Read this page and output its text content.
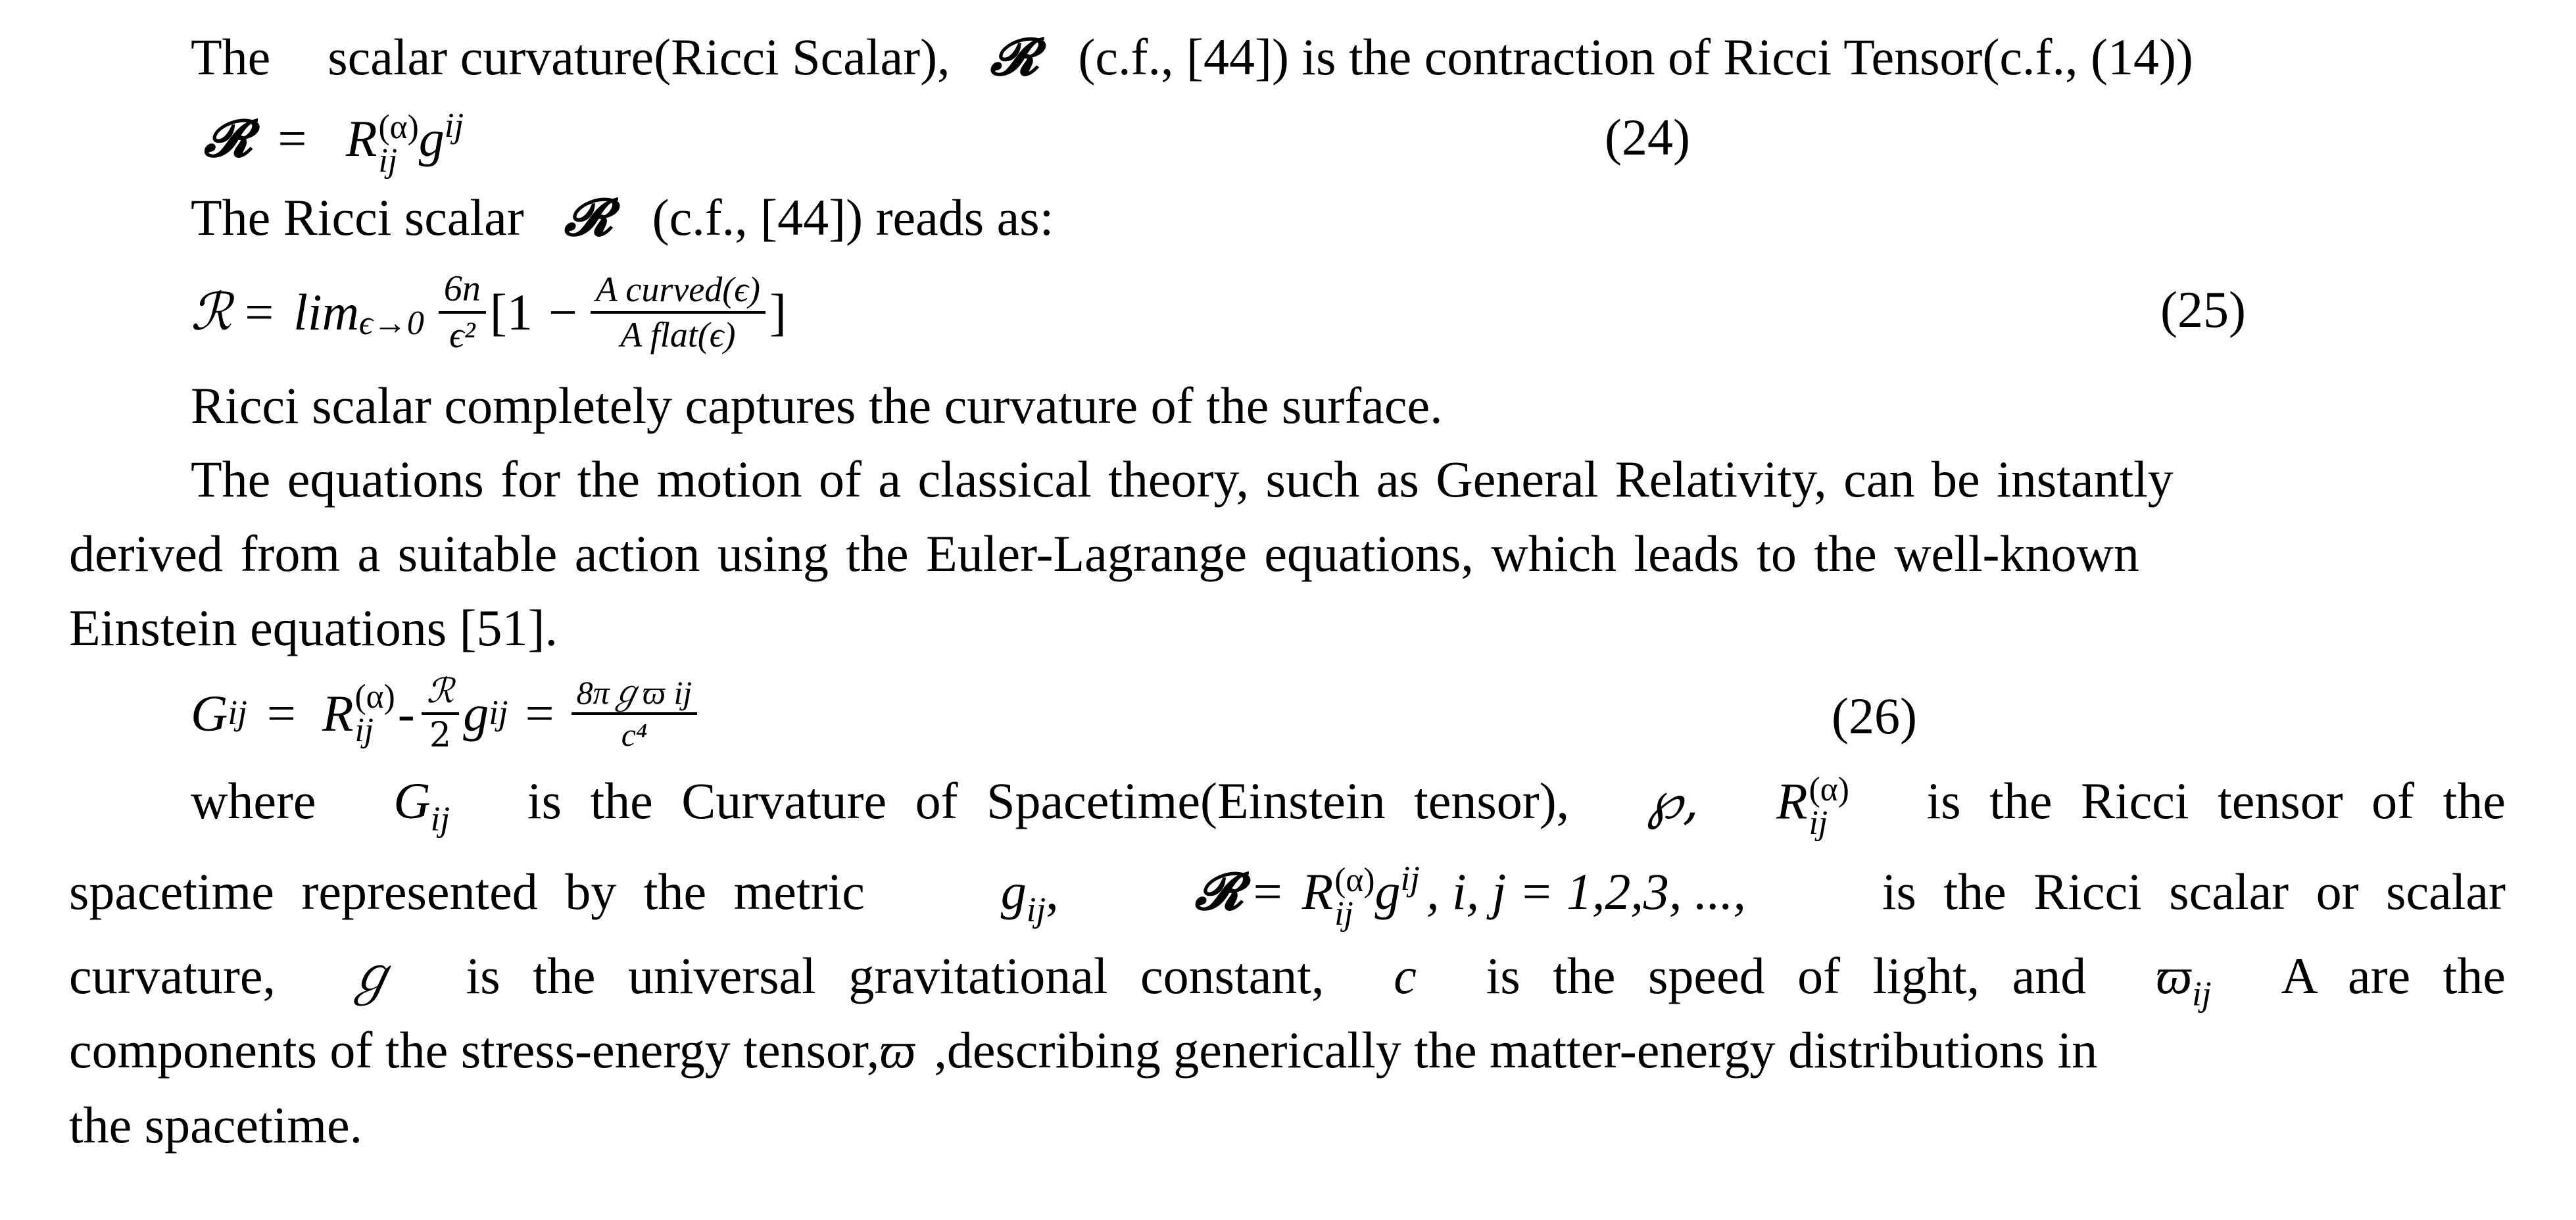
The scalar curvature(Ricci Scalar), 𝓡 (c.f., [44]) is the contraction of Ricci Tensor(c.f., (14))
𝓡 = R (α)
ij $g^{ij}$	(24)
The Ricci scalar 𝓡 (c.f., [44]) reads as:
ℛ = $\lim \epsilon\to 0 \frac{6n}{\text{ϵ²}} [1 - \frac{\text{A curved(ϵ)}}{\text{A flat(ϵ)}}$ ]	(25)
Ricci scalar completely captures the curvature of the surface.
The equations for the motion of a classical theory, such as General Relativity, can be instantly
derived from a suitable action using the Euler-Lagrange equations, which leads to the well-known
Einstein equations [51].
G ij = R (α)
ij - $\frac{\text{ℛ}}{2}$ g ij = $\frac{\text{8πℊϖ ij}}{\text{c⁴}}$	(26)
where $G_{ij}$ is the Curvature of Spacetime(Einstein tensor), ℘, R (α)
ij	is the Ricci tensor of the
spacetime represented by the metric	$g_{ij}$,	𝓡 = R (α)
ij $g^{ij}$ , i, j = 1,2,3, ...,	is the Ricci scalar or scalar
curvature, ℊ is the universal gravitational constant, c is the speed of light, and $ϖ_{ij}$ A are the
components of the stress-energy tensor,ϖ ,describing generically the matter-energy distributions in
the spacetime.
